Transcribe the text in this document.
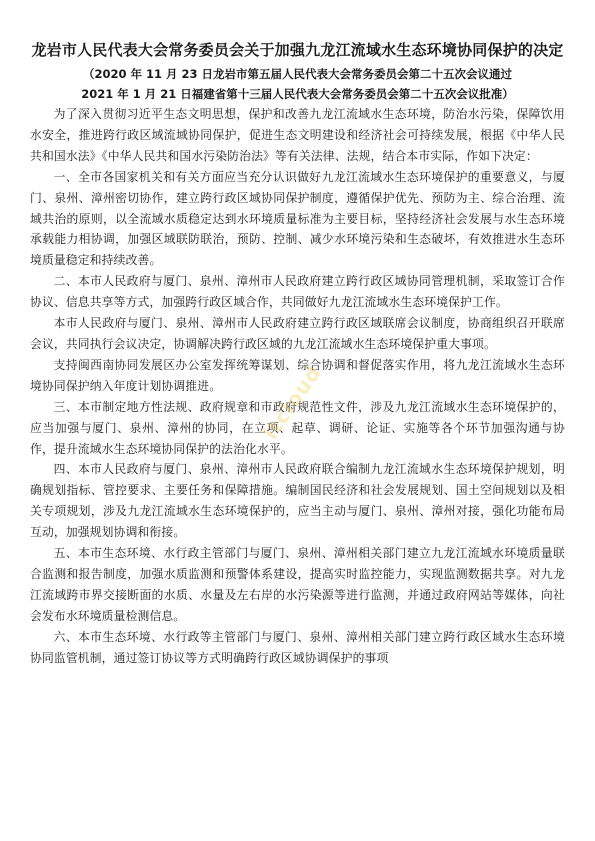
龙岩市人民代表大会常务委员会关于加强九龙江流域水生态环境协同保护的决定

（2020 年 11 月 23 日龙岩市第五届人民代表大会常务委员会第二十五次会议通过

2021 年 1 月 21 日福建省第十三届人民代表大会常务委员会第二十五次会议批准）

为了深入贯彻习近平生态文明思想，保护和改善九龙江流域水生态环境，防治水污染，保障饮用水安全，推进跨行政区域流域协同保护，促进生态文明建设和经济社会可持续发展，根据《中华人民共和国水法》《中华人民共和国水污染防治法》等有关法律、法规，结合本市实际，作如下决定：

一、全市各国家机关和有关方面应当充分认识做好九龙江流域水生态环境保护的重要意义，与厦门、泉州、漳州密切协作，建立跨行政区域协同保护制度，遵循保护优先、预防为主、综合治理、流域共治的原则，以全流域水质稳定达到水环境质量标准为主要目标，坚持经济社会发展与水生态环境承载能力相协调，加强区域联防联治，预防、控制、减少水环境污染和生态破坏，有效推进水生态环境质量稳定和持续改善。

二、本市人民政府与厦门、泉州、漳州市人民政府建立跨行政区域协同管理机制，采取签订合作协议、信息共享等方式，加强跨行政区域合作，共同做好九龙江流域水生态环境保护工作。

本市人民政府与厦门、泉州、漳州市人民政府建立跨行政区域联席会议制度，协商组织召开联席会议，共同执行会议决定，协调解决跨行政区域的九龙江流域水生态环境保护重大事项。

支持闽西南协同发展区办公室发挥统筹谋划、综合协调和督促落实作用，将九龙江流域水生态环境协同保护纳入年度计划协调推进。

三、本市制定地方性法规、政府规章和市政府规范性文件，涉及九龙江流域水生态环境保护的，应当加强与厦门、泉州、漳州的协同，在立项、起草、调研、论证、实施等各个环节加强沟通与协作，提升流域水生态环境协同保护的法治化水平。

四、本市人民政府与厦门、泉州、漳州市人民政府联合编制九龙江流域水生态环境保护规划，明确规划指标、管控要求、主要任务和保障措施。编制国民经济和社会发展规划、国土空间规划以及相关专项规划，涉及九龙江流域水生态环境保护的，应当主动与厦门、泉州、漳州对接，强化功能布局互动，加强规划协调和衔接。

五、本市生态环境、水行政主管部门与厦门、泉州、漳州相关部门建立九龙江流域水环境质量联合监测和报告制度，加强水质监测和预警体系建设，提高实时监控能力，实现监测数据共享。对九龙江流域跨市界交接断面的水质、水量及左右岸的水污染源等进行监测，并通过政府网站等媒体，向社会发布水环境质量检测信息。

六、本市生态环境、水行政等主管部门与厦门、泉州、漳州相关部门建立跨行政区域水生态环境协同监管机制，通过签订协议等方式明确跨行政区域协调保护的事项

itcloud
